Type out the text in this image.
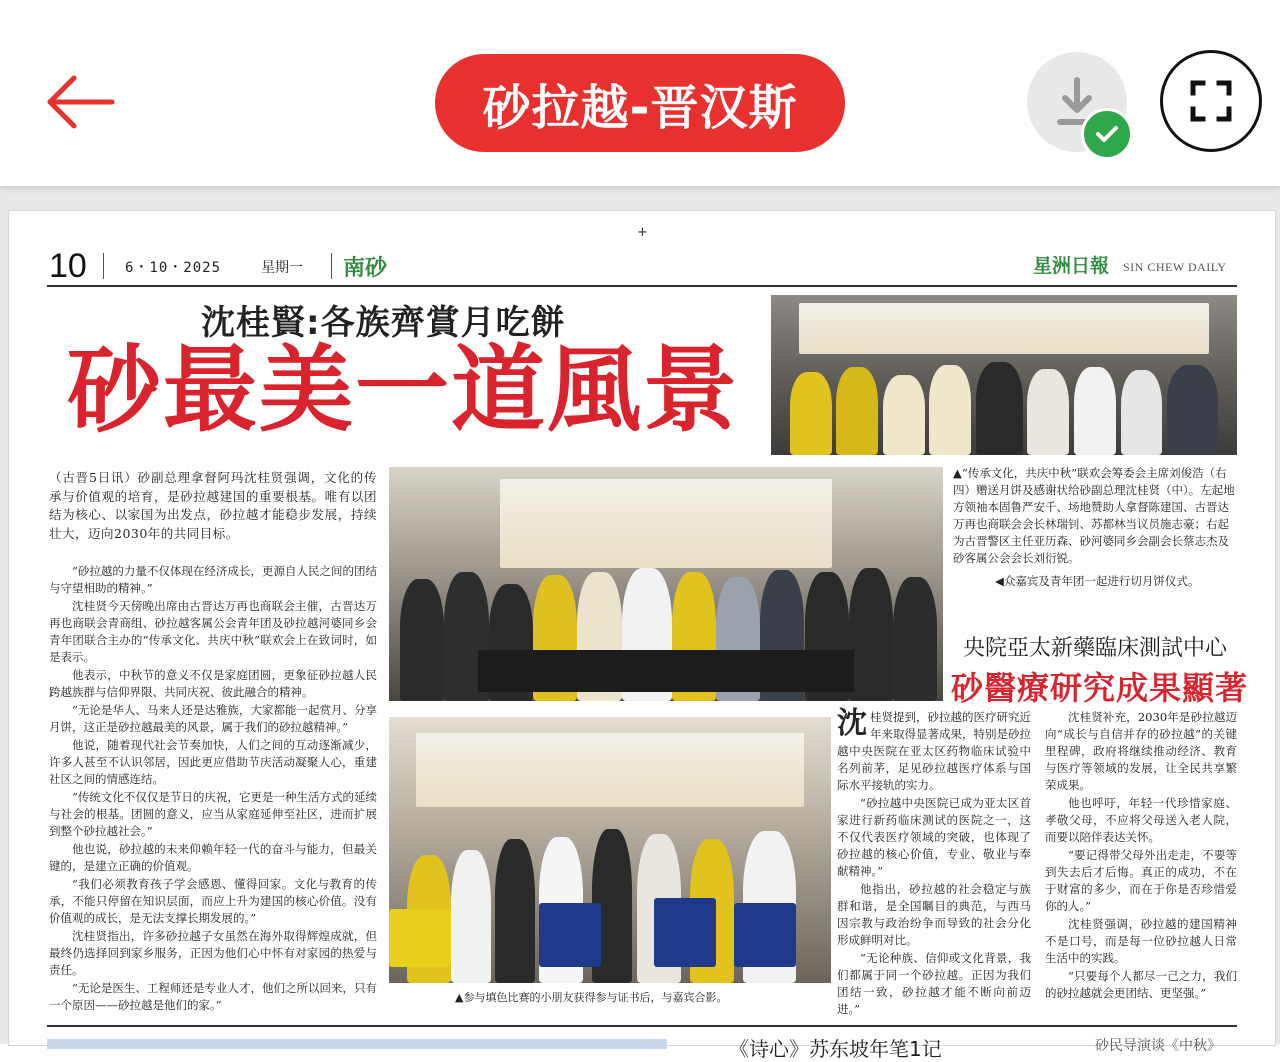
砂拉越-晋汉斯
+
10	6・10・2025	星期一 南砂	星洲日報 SIN CHEW DAILY
沈桂賢:各族齊賞月吃餅
砂最美一道風景
（古晋5日讯）砂副总理拿督阿玛沈桂贤强调，文化的传承与价值观的培育，是砂拉越建国的重要根基。唯有以团结为核心、以家国为出发点，砂拉越才能稳步发展，持续壮大，迈向2030年的共同目标。

“砂拉越的力量不仅体现在经济成长，更源自人民之间的团结与守望相助的精神。”

沈桂贤今天傍晚出席由古晋达万再也商联会主催，古晋达万再也商联会青商组、砂拉越客属公会青年团及砂拉越河婆同乡会青年团联合主办的“传承文化、共庆中秋”联欢会上在致词时，如是表示。

他表示，中秋节的意义不仅是家庭团圆，更象征砂拉越人民跨越族群与信仰界限、共同庆祝、彼此融合的精神。

“无论是华人、马来人还是达雅族，大家都能一起赏月、分享月饼，这正是砂拉越最美的风景，属于我们的砂拉越精神。”

他说，随着现代社会节奏加快，人们之间的互动逐渐减少，许多人甚至不认识邻居，因此更应借助节庆活动凝聚人心，重建社区之间的情感连结。

“传统文化不仅仅是节日的庆祝，它更是一种生活方式的延续与社会的根基。团圆的意义，应当从家庭延伸至社区，进而扩展到整个砂拉越社会。”

他也说，砂拉越的未来仰赖年轻一代的奋斗与能力，但最关键的，是建立正确的价值观。

“我们必须教育孩子学会感恩、懂得回家。文化与教育的传承，不能只停留在知识层面，而应上升为建国的核心价值。没有价值观的成长，是无法支撑长期发展的。”

沈桂贤指出，许多砂拉越子女虽然在海外取得辉煌成就，但最终仍选择回到家乡服务，正因为他们心中怀有对家园的热爱与责任。

“无论是医生、工程师还是专业人才，他们之所以回来，只有一个原因——砂拉越是他们的家。”

▲“传承文化，共庆中秋”联欢会筹委会主席刘俊浩（右四）赠送月饼及感谢状给砂副总理沈桂贤（中）。左起地方领袖本固鲁严安千、场地赞助人拿督陈建国、古晋达万再也商联会会长林瑞钊、苏都林当议员施志豪；右起为古晋警区主任亚历森、砂河婆同乡会副会长蔡志杰及砂客属公会会长刘衍锐。
◀众嘉宾及青年团一起进行切月饼仪式。
▲参与填色比赛的小朋友获得参与证书后，与嘉宾合影。
央院亞太新藥臨床測試中心
砂醫療研究成果顯著

沈桂贤提到，砂拉越的医疗研究近年来取得显著成果，特别是砂拉越中央医院在亚太区药物临床试验中名列前茅，足见砂拉越医疗体系与国际水平接轨的实力。

“砂拉越中央医院已成为亚太区首家进行新药临床测试的医院之一，这不仅代表医疗领域的突破，也体现了砂拉越的核心价值，专业、敬业与奉献精神。”

他指出，砂拉越的社会稳定与族群和谐，是全国瞩目的典范，与西马因宗教与政治纷争而导致的社会分化形成鲜明对比。

“无论种族、信仰或文化背景，我们都属于同一个砂拉越。正因为我们团结一致，砂拉越才能不断向前迈进。”

沈桂贤补充，2030年是砂拉越迈向“成长与自信并存的砂拉越”的关键里程碑，政府将继续推动经济、教育与医疗等领域的发展，让全民共享繁荣成果。

他也呼吁，年轻一代珍惜家庭、孝敬父母，不应将父母送入老人院，而要以陪伴表达关怀。

“要记得带父母外出走走，不要等到失去后才后悔。真正的成功，不在于财富的多少，而在于你是否珍惜爱你的人。”

沈桂贤强调，砂拉越的建国精神不是口号，而是每一位砂拉越人日常生活中的实践。

“只要每个人都尽一己之力，我们的砂拉越就会更团结、更坚强。”

《诗心》苏东坡年笔1记	砂民导演谈《中秋》
